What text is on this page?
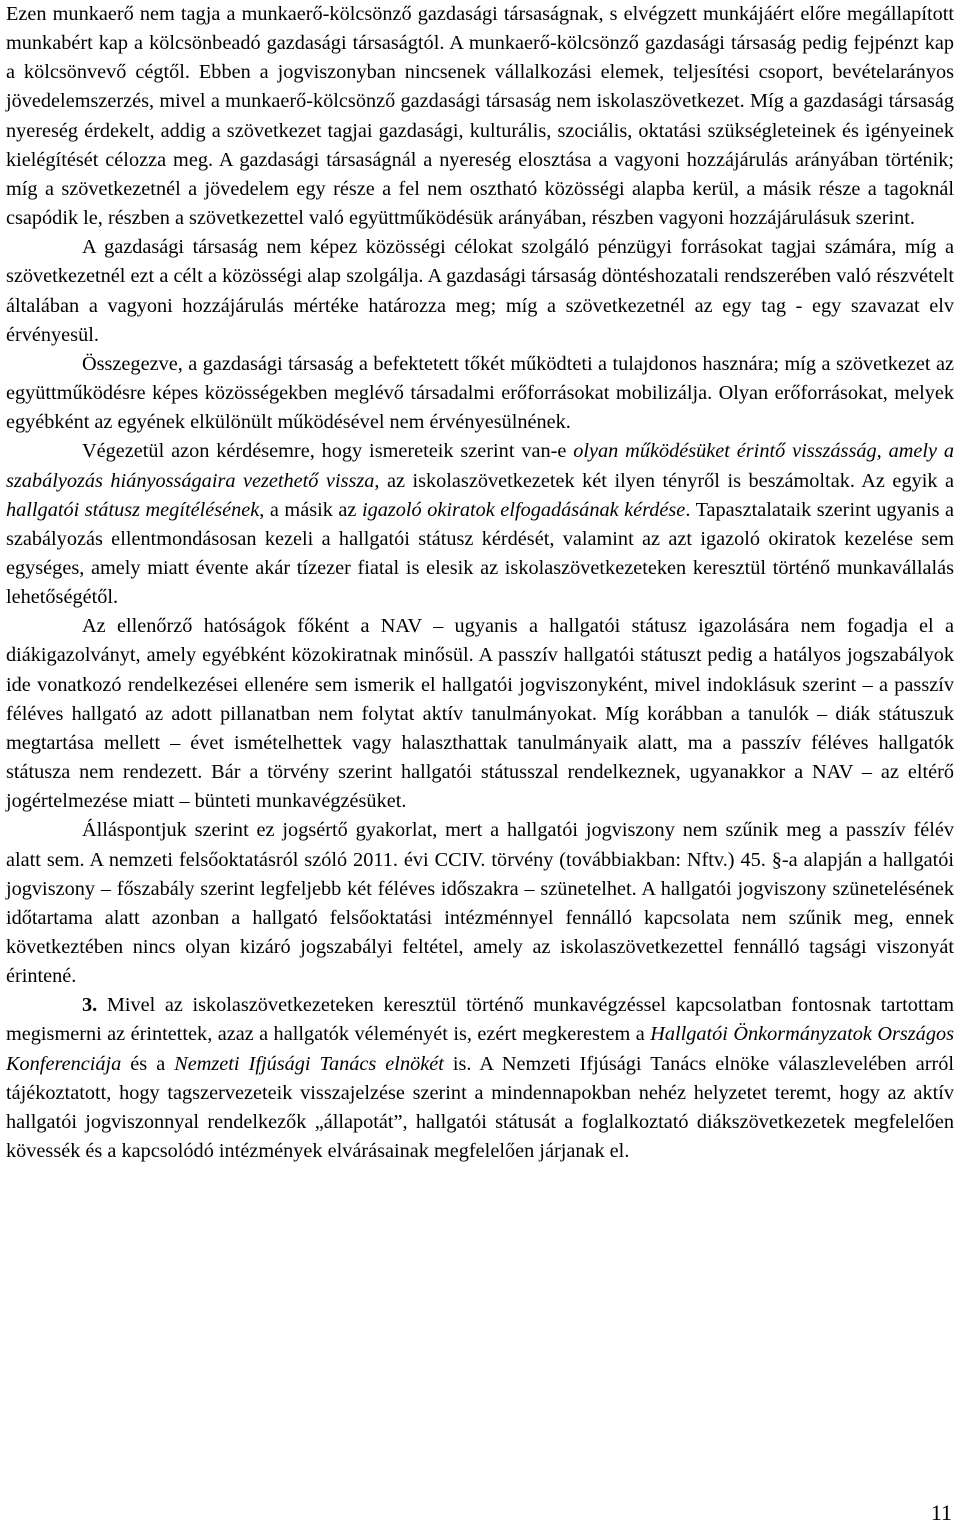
Ezen munkaerő nem tagja a munkaerő-kölcsönző gazdasági társaságnak, s elvégzett munkájáért előre megállapított munkabért kap a kölcsönbeadó gazdasági társaságtól. A munkaerő-kölcsönző gazdasági társaság pedig fejpénzt kap a kölcsönvevő cégtől. Ebben a jogviszonyban nincsenek vállalkozási elemek, teljesítési csoport, bevételarányos jövedelemszerzés, mivel a munkaerő-kölcsönző gazdasági társaság nem iskolaszövetkezet. Míg a gazdasági társaság nyereség érdekelt, addig a szövetkezet tagjai gazdasági, kulturális, szociális, oktatási szükségleteinek és igényeinek kielégítését célozza meg. A gazdasági társaságnál a nyereség elosztása a vagyoni hozzájárulás arányában történik; míg a szövetkezetnél a jövedelem egy része a fel nem osztható közösségi alapba kerül, a másik része a tagoknál csapódik le, részben a szövetkezettel való együttműködésük arányában, részben vagyoni hozzájárulásuk szerint.

A gazdasági társaság nem képez közösségi célokat szolgáló pénzügyi forrásokat tagjai számára, míg a szövetkezetnél ezt a célt a közösségi alap szolgálja. A gazdasági társaság döntéshozatali rendszerében való részvételt általában a vagyoni hozzájárulás mértéke határozza meg; míg a szövetkezetnél az egy tag - egy szavazat elv érvényesül.

Összegezve, a gazdasági társaság a befektetett tőkét működteti a tulajdonos hasznára; míg a szövetkezet az együttműködésre képes közösségekben meglévő társadalmi erőforrásokat mobilizálja. Olyan erőforrásokat, melyek egyébként az egyének elkülönült működésével nem érvényesülnének.

Végezetül azon kérdésemre, hogy ismereteik szerint van-e olyan működésüket érintő visszásság, amely a szabályozás hiányosságaira vezethető vissza, az iskolaszövetkezetek két ilyen tényről is beszámoltak. Az egyik a hallgatói státusz megítélésének, a másik az igazoló okiratok elfogadásának kérdése. Tapasztalataik szerint ugyanis a szabályozás ellentmondásosan kezeli a hallgatói státusz kérdését, valamint az azt igazoló okiratok kezelése sem egységes, amely miatt évente akár tízezer fiatal is elesik az iskolaszövetkezeteken keresztül történő munkavállalás lehetőségétől.

Az ellenőrző hatóságok főként a NAV – ugyanis a hallgatói státusz igazolására nem fogadja el a diákigazolványt, amely egyébként közokiratnak minősül. A passzív hallgatói státuszt pedig a hatályos jogszabályok ide vonatkozó rendelkezései ellenére sem ismerik el hallgatói jogviszonyként, mivel indoklásuk szerint – a passzív féléves hallgató az adott pillanatban nem folytat aktív tanulmányokat. Míg korábban a tanulók – diák státuszuk megtartása mellett – évet ismételhettek vagy halaszthattak tanulmányaik alatt, ma a passzív féléves hallgatók státusza nem rendezett. Bár a törvény szerint hallgatói státusszal rendelkeznek, ugyanakkor a NAV – az eltérő jogértelmezése miatt – bünteti munkavégzésüket.

Álláspontjuk szerint ez jogsértő gyakorlat, mert a hallgatói jogviszony nem szűnik meg a passzív félév alatt sem. A nemzeti felsőoktatásról szóló 2011. évi CCIV. törvény (továbbiakban: Nftv.) 45. §-a alapján a hallgatói jogviszony – főszabály szerint legfeljebb két féléves időszakra – szünetelhet. A hallgatói jogviszony szünetelésének időtartama alatt azonban a hallgató felsőoktatási intézménnyel fennálló kapcsolata nem szűnik meg, ennek következtében nincs olyan kizáró jogszabályi feltétel, amely az iskolaszövetkezettel fennálló tagsági viszonyát érintené.

3. Mivel az iskolaszövetkezeteken keresztül történő munkavégzéssel kapcsolatban fontosnak tartottam megismerni az érintettek, azaz a hallgatók véleményét is, ezért megkerestem a Hallgatói Önkormányzatok Országos Konferenciája és a Nemzeti Ifjúsági Tanács elnökét is. A Nemzeti Ifjúsági Tanács elnöke válaszlevelében arról tájékoztatott, hogy tagszervezeteik visszajelzése szerint a mindennapokban nehéz helyzetet teremt, hogy az aktív hallgatói jogviszonnyal rendelkezők „állapotát”, hallgatói státusát a foglalkoztató diákszövetkezetek megfelelően kövessék és a kapcsolódó intézmények elvárásainak megfelelően járjanak el.

11
